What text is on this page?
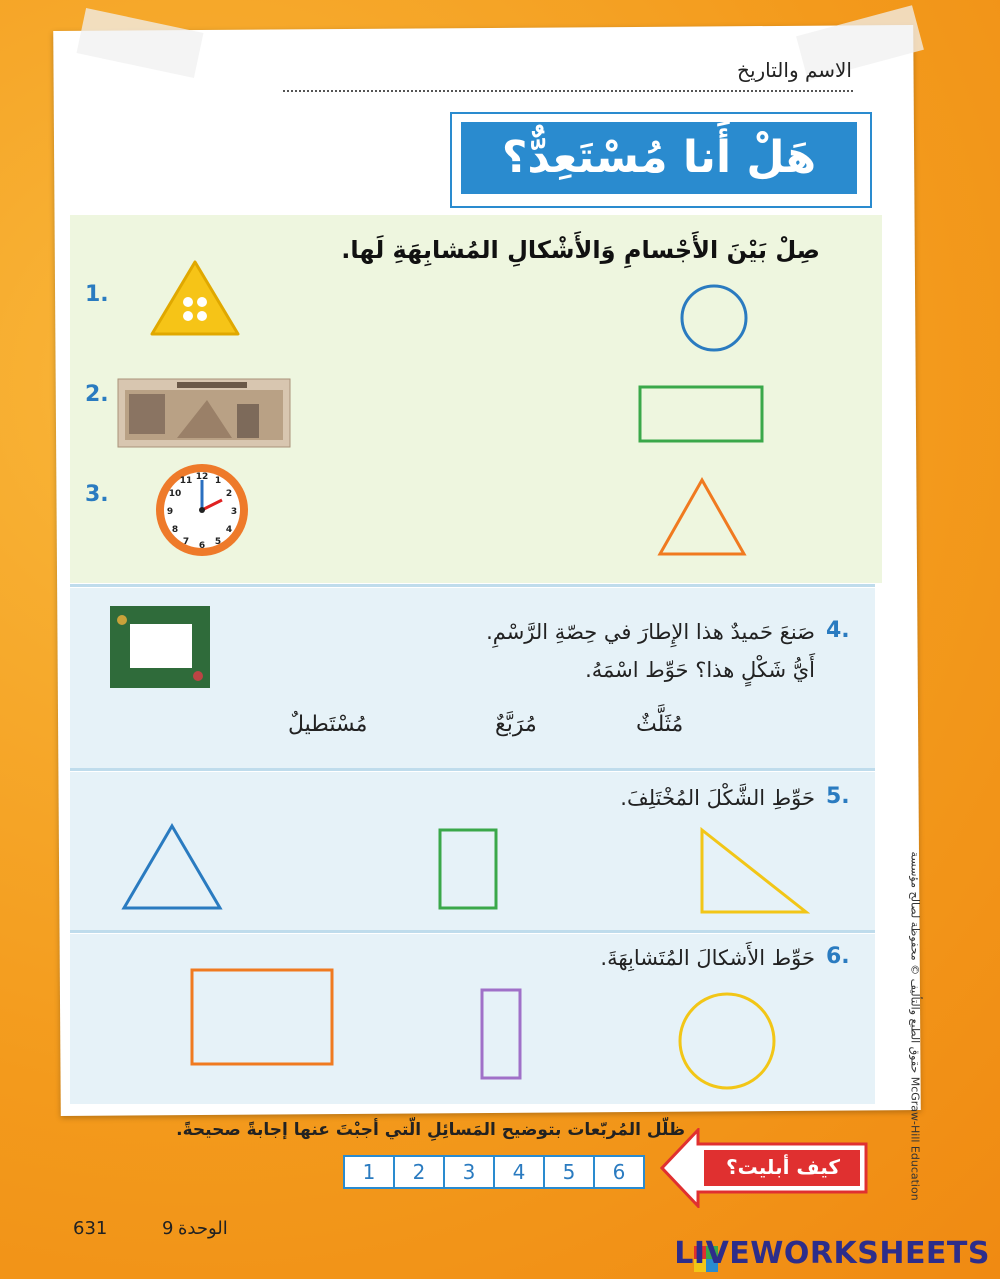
الاسم والتاريخ
هَلْ أَنا مُسْتَعِدٌّ؟
صِلْ بَيْنَ الأَجْسامِ وَالأَشْكالِ المُشابِهَةِ لَها.
1.
2.
3.
12
3
6
9
1
2
4
5
7
8
10
11
4.
صَنعَ حَميدٌ هذا الإِطارَ في حِصّةِ الرَّسْمِ.
أَيُّ شَكْلٍ هذا؟ حَوِّط اسْمَهُ.
مُثَلَّثٌ
مُرَبَّعٌ
مُسْتَطيلٌ
5.
حَوِّطِ الشَّكْلَ المُخْتَلِفَ.
6.
حَوِّط الأَشكالَ المُتَشابِهَةَ.
ظلّل المُربّعات بتوضيح المَسائِلِ الّتي أجبْتَ عنها إجابةً صحيحةً.
1	2	3	4	5	6	كيف أبليت؟
631	9 الوحدة
حقوق الطبع والتأليف © محفوظة لصالح مؤسسة McGraw-Hill Education
LIVEWORKSHEETS
